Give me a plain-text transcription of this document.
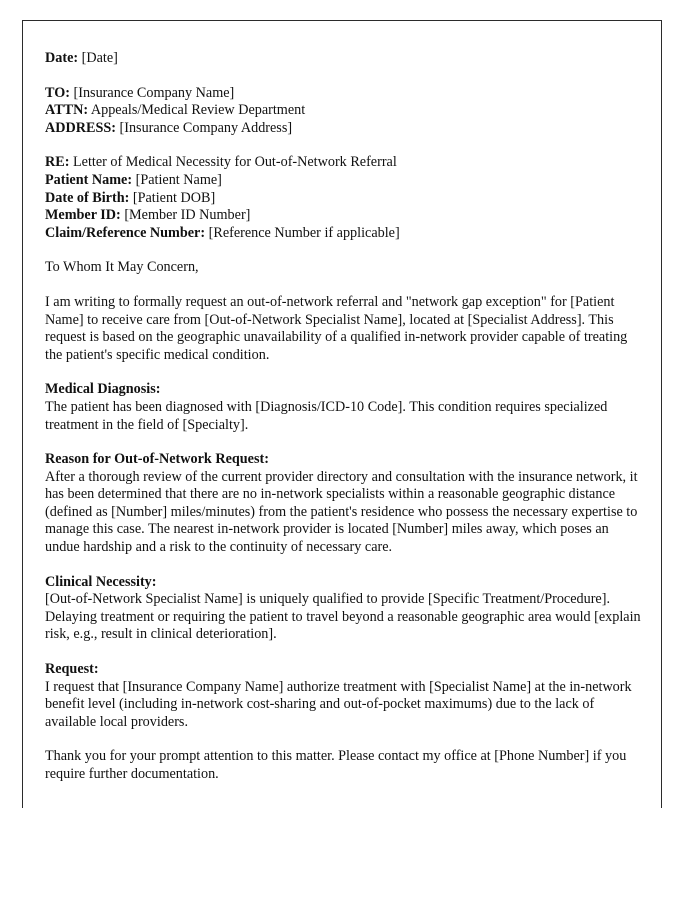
Date: [Date]
TO: [Insurance Company Name]
ATTN: Appeals/Medical Review Department
ADDRESS: [Insurance Company Address]
RE: Letter of Medical Necessity for Out-of-Network Referral
Patient Name: [Patient Name]
Date of Birth: [Patient DOB]
Member ID: [Member ID Number]
Claim/Reference Number: [Reference Number if applicable]

To Whom It May Concern,

I am writing to formally request an out-of-network referral and "network gap exception" for [Patient Name] to receive care from [Out-of-Network Specialist Name], located at [Specialist Address]. This request is based on the geographic unavailability of a qualified in-network provider capable of treating the patient's specific medical condition.

Medical Diagnosis:

The patient has been diagnosed with [Diagnosis/ICD-10 Code]. This condition requires specialized treatment in the field of [Specialty].

Reason for Out-of-Network Request:

After a thorough review of the current provider directory and consultation with the insurance network, it has been determined that there are no in-network specialists within a reasonable geographic distance (defined as [Number] miles/minutes) from the patient's residence who possess the necessary expertise to manage this case. The nearest in-network provider is located [Number] miles away, which poses an undue hardship and a risk to the continuity of necessary care.

Clinical Necessity:

[Out-of-Network Specialist Name] is uniquely qualified to provide [Specific Treatment/Procedure]. Delaying treatment or requiring the patient to travel beyond a reasonable geographic area would [explain risk, e.g., result in clinical deterioration].

Request:

I request that [Insurance Company Name] authorize treatment with [Specialist Name] at the in-network benefit level (including in-network cost-sharing and out-of-pocket maximums) due to the lack of available local providers.

Thank you for your prompt attention to this matter. Please contact my office at [Phone Number] if you require further documentation.
